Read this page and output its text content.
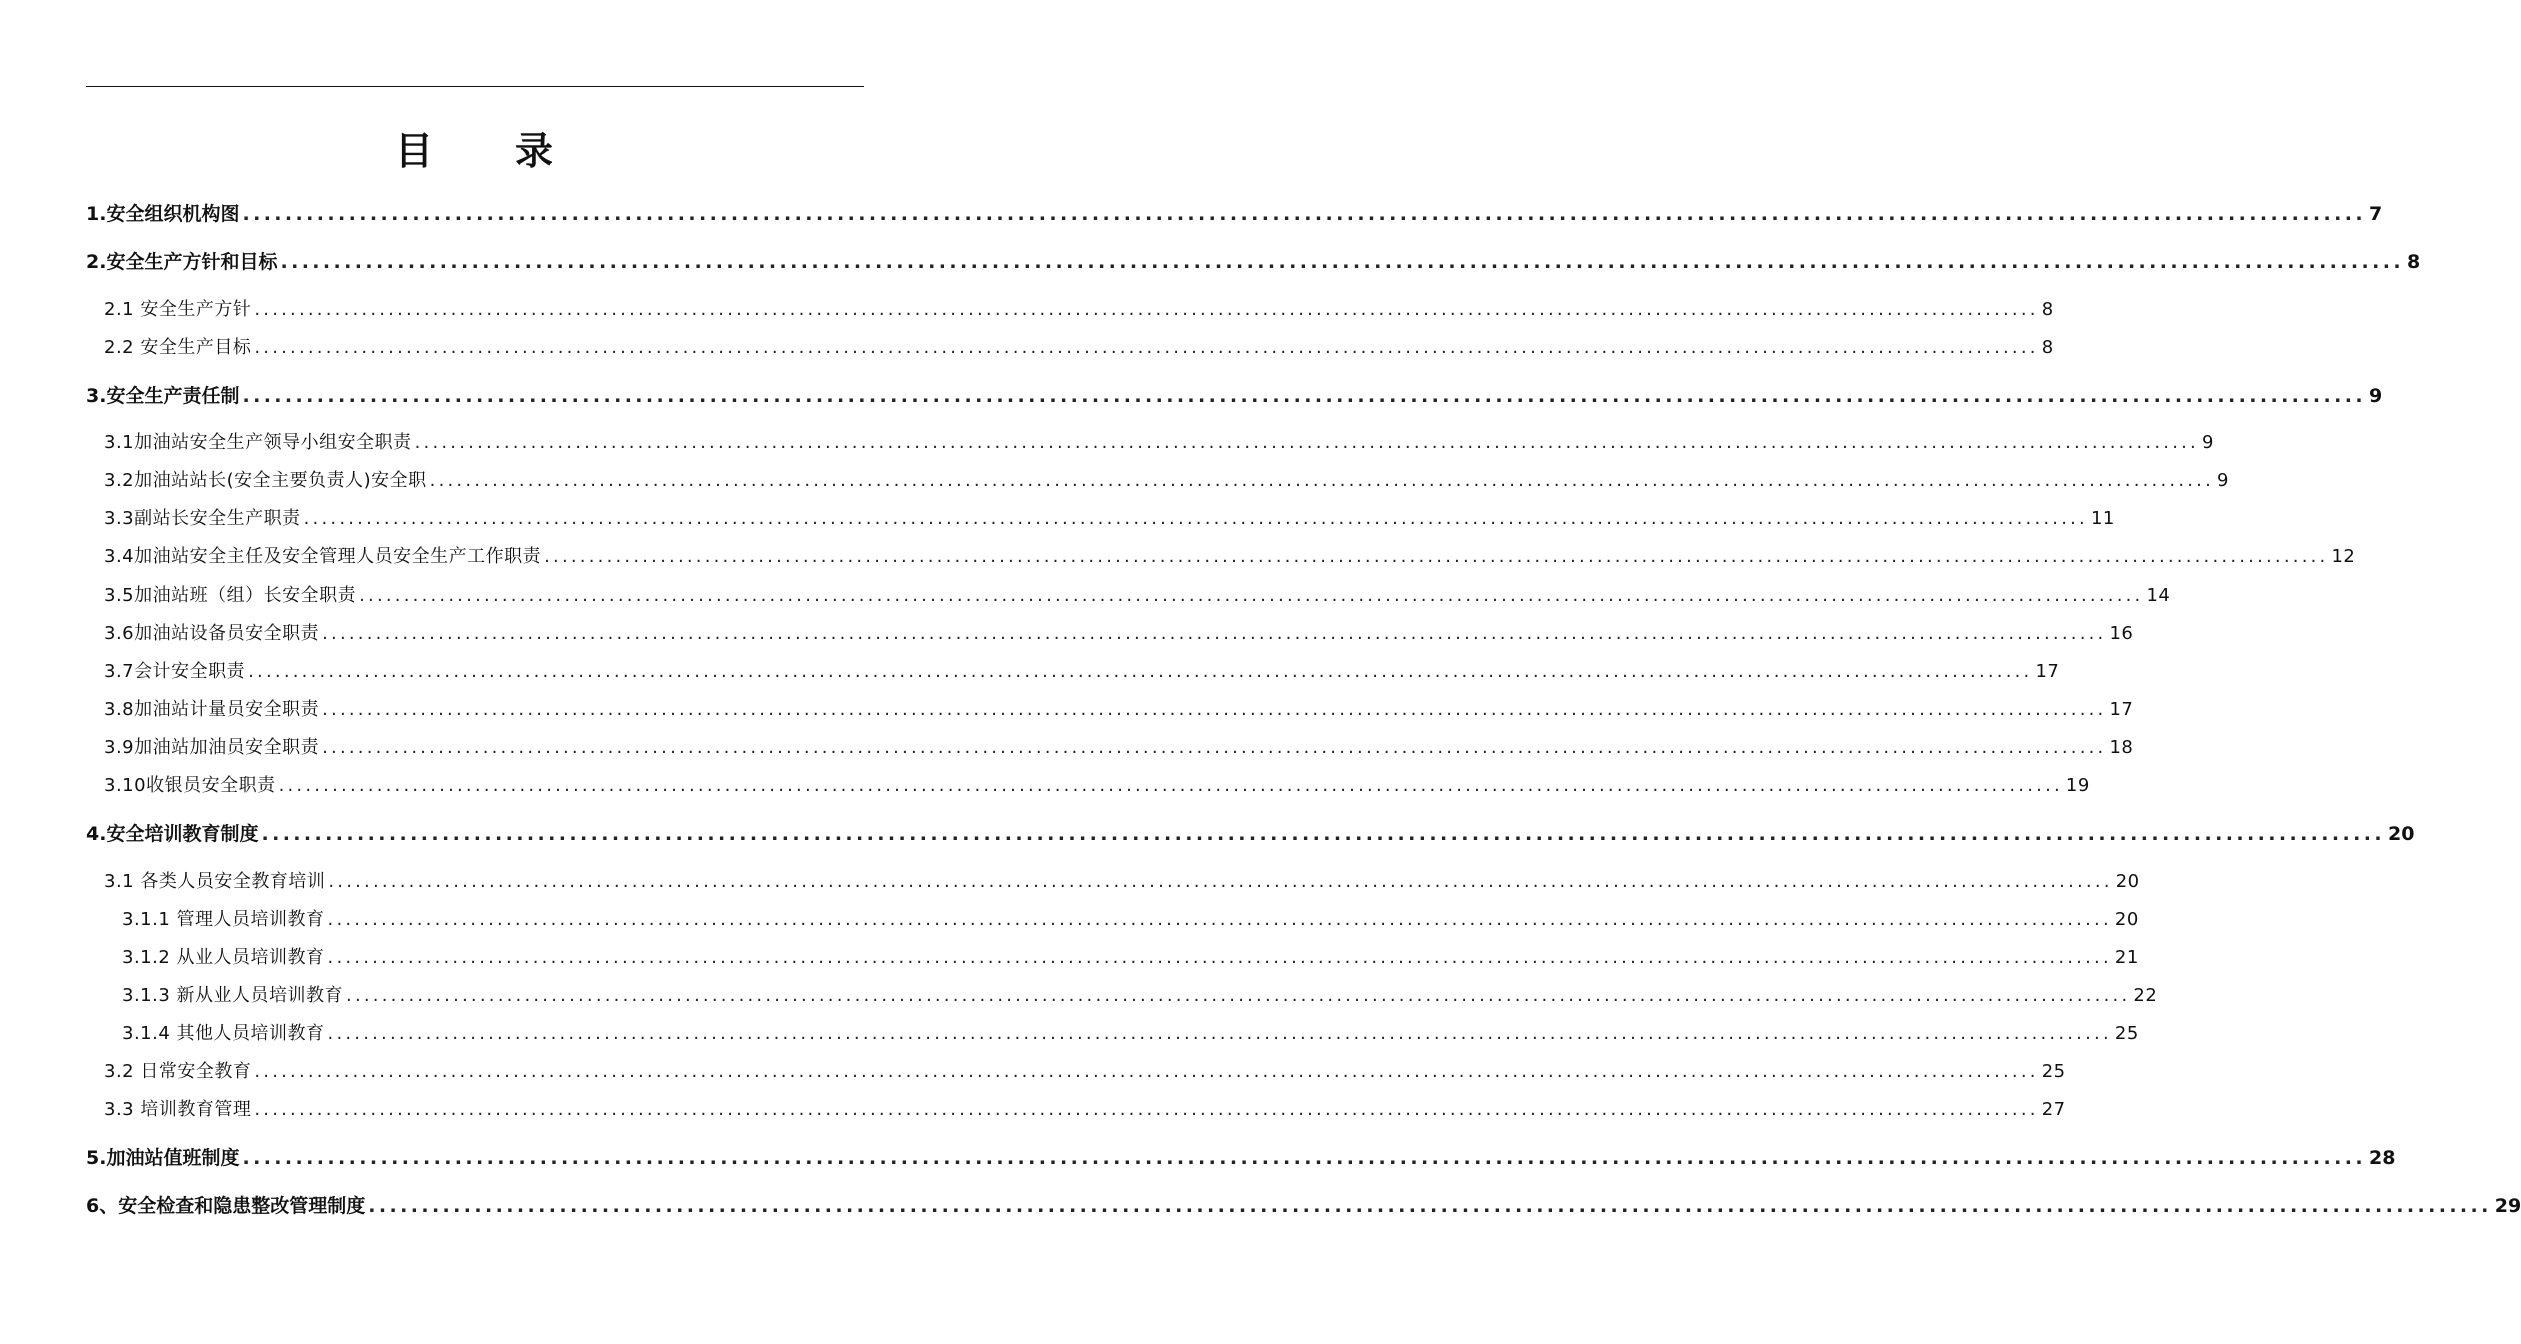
目　　录
1.安全组织机构图 ........................................................................................................................................................................................................ 7
2.安全生产方针和目标 ........................................................................................................................................................................................................ 8
2.1 安全生产方针 ........................................................................................................................................................................................................ 8
2.2 安全生产目标 ........................................................................................................................................................................................................ 8
3.安全生产责任制 ........................................................................................................................................................................................................ 9
3.1加油站安全生产领导小组安全职责 ........................................................................................................................................................................................................ 9
3.2加油站站长(安全主要负责人)安全职 ........................................................................................................................................................................................................ 9
3.3副站长安全生产职责 ........................................................................................................................................................................................................ 11
3.4加油站安全主任及安全管理人员安全生产工作职责 ........................................................................................................................................................................................................ 12
3.5加油站班（组）长安全职责 ........................................................................................................................................................................................................ 14
3.6加油站设备员安全职责 ........................................................................................................................................................................................................ 16
3.7会计安全职责 ........................................................................................................................................................................................................ 17
3.8加油站计量员安全职责 ........................................................................................................................................................................................................ 17
3.9加油站加油员安全职责 ........................................................................................................................................................................................................ 18
3.10收银员安全职责 ........................................................................................................................................................................................................ 19
4.安全培训教育制度 ........................................................................................................................................................................................................ 20
3.1 各类人员安全教育培训 ........................................................................................................................................................................................................ 20
3.1.1 管理人员培训教育 ........................................................................................................................................................................................................ 20
3.1.2 从业人员培训教育 ........................................................................................................................................................................................................ 21
3.1.3 新从业人员培训教育 ........................................................................................................................................................................................................ 22
3.1.4 其他人员培训教育 ........................................................................................................................................................................................................ 25
3.2 日常安全教育 ........................................................................................................................................................................................................ 25
3.3 培训教育管理 ........................................................................................................................................................................................................ 27
5.加油站值班制度 ........................................................................................................................................................................................................ 28
6、安全检查和隐患整改管理制度 ........................................................................................................................................................................................................ 29
